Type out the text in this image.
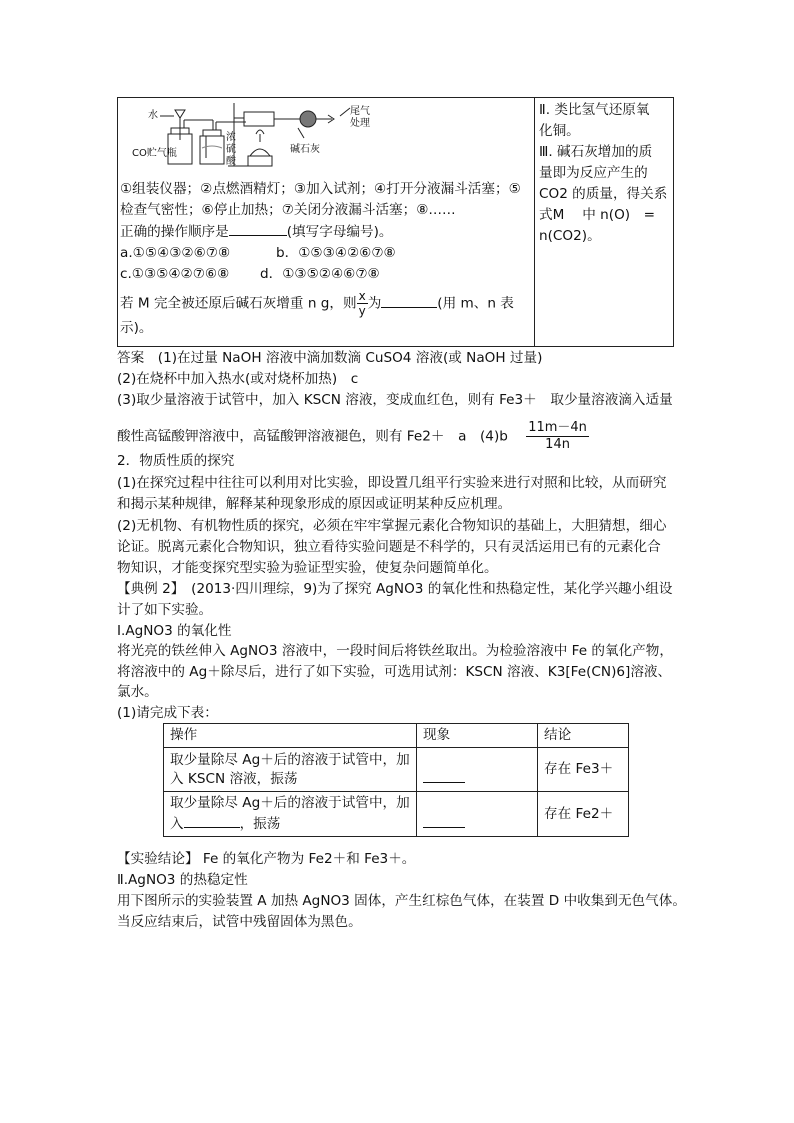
水
CO贮气瓶
浓
硫
酸
碱石灰
尾气
处理
①组装仪器；②点燃酒精灯；③加入试剂；④打开分液漏斗活塞；⑤
检查气密性；⑥停止加热；⑦关闭分液漏斗活塞；⑧……
正确的操作顺序是	(填写字母编号)。
a.①⑤④③②⑥⑦⑧	b．①⑤③④②⑥⑦⑧
c.①③⑤④②⑦⑥⑧ d．①③⑤②④⑥⑦⑧
若 M 完全被还原后碱石灰增重 n g，则 $\frac{x}{y}$ 为	(用 m、n 表
示)。

Ⅱ. 类比氢气还原氧
化铜。
Ⅲ. 碱石灰增加的质
量即为反应产生的
CO2 的质量，得关系
式M　 中 n(O)　=
n(CO2)。
答案　(1)在过量 NaOH 溶液中滴加数滴 CuSO4 溶液(或 NaOH 过量)
(2)在烧杯中加入热水(或对烧杯加热)　c
(3)取少量溶液于试管中，加入 KSCN 溶液，变成血红色，则有 Fe3＋　取少量溶液滴入适量
酸性高锰酸钾溶液中，高锰酸钾溶液褪色，则有 Fe2＋　a　$(4)b \frac{11m-4n}{14n}$
2．物质性质的探究
(1)在探究过程中往往可以利用对比实验，即设置几组平行实验来进行对照和比较，从而研究
和揭示某种规律，解释某种现象形成的原因或证明某种反应机理。
(2)无机物、有机物性质的探究，必须在牢牢掌握元素化合物知识的基础上，大胆猜想，细心
论证。脱离元素化合物知识，独立看待实验问题是不科学的，只有灵活运用已有的元素化合
物知识，才能变探究型实验为验证型实验，使复杂问题简单化。
【典例 2】　(2013·四川理综，9)为了探究 AgNO3 的氧化性和热稳定性，某化学兴趣小组设
计了如下实验。
Ⅰ.AgNO3 的氧化性
将光亮的铁丝伸入 AgNO3 溶液中，一段时间后将铁丝取出。为检验溶液中 Fe 的氧化产物，
将溶液中的 Ag＋除尽后，进行了如下实验，可选用试剂：KSCN 溶液、K3[Fe(CN)6]溶液、
氯水。
(1)请完成下表：
操作	现象	结论

取少量除尽 Ag＋后的溶液于试管中，加
入 KSCN 溶液，振荡		存在 Fe3＋

取少量除尽 Ag＋后的溶液于试管中，加
入 ，振荡		存在 Fe2＋
【实验结论】 Fe 的氧化产物为 Fe2＋和 Fe3＋。
Ⅱ.AgNO3 的热稳定性
用下图所示的实验装置 A 加热 AgNO3 固体，产生红棕色气体，在装置 D 中收集到无色气体。
当反应结束后，试管中残留固体为黑色。
